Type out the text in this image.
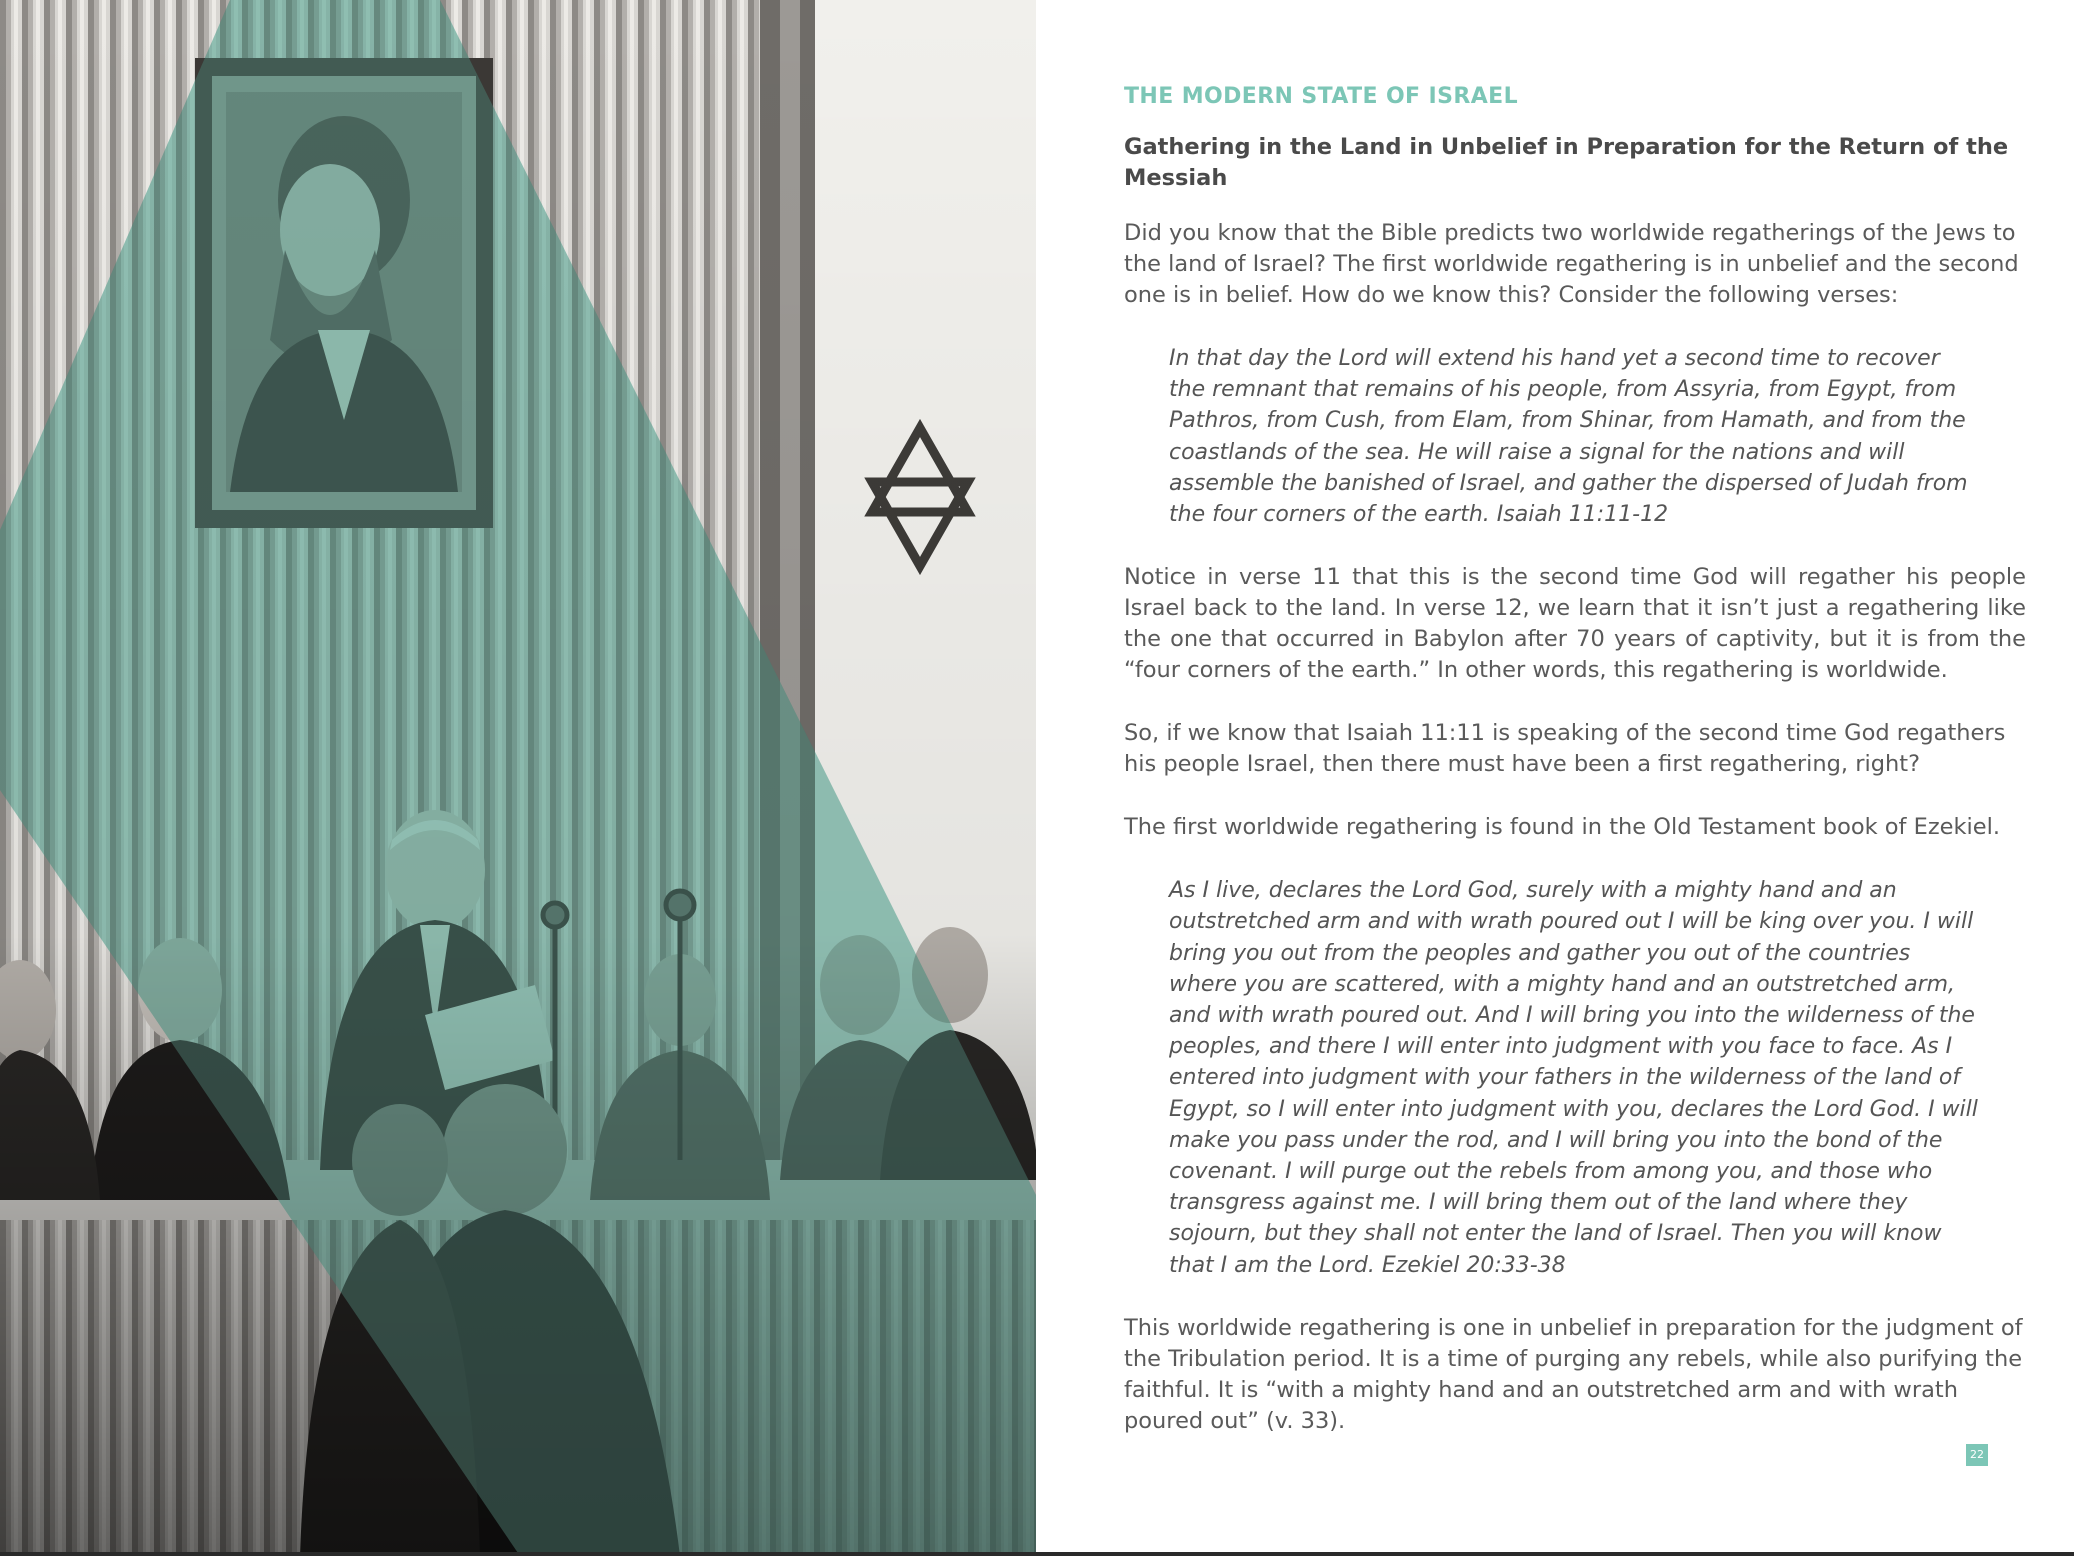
THE MODERN STATE OF ISRAEL
Gathering in the Land in Unbelief in Preparation for the Return of the Messiah
Did you know that the Bible predicts two worldwide regatherings of the Jews to the land of Israel? The first worldwide regathering is in unbelief and the second one is in belief. How do we know this? Consider the following verses:
In that day the Lord will extend his hand yet a second time to recover the remnant that remains of his people, from Assyria, from Egypt, from Pathros, from Cush, from Elam, from Shinar, from Hamath, and from the coastlands of the sea. He will raise a signal for the nations and will assemble the banished of Israel, and gather the dispersed of Judah from the four corners of the earth. Isaiah 11:11-12
Notice in verse 11 that this is the second time God will regather his people Israel back to the land. In verse 12, we learn that it isn’t just a regathering like the one that occurred in Babylon after 70 years of captivity, but it is from the “four corners of the earth.” In other words, this regathering is worldwide.
So, if we know that Isaiah 11:11 is speaking of the second time God regathers his people Israel, then there must have been a first regathering, right?
The first worldwide regathering is found in the Old Testament book of Ezekiel.
As I live, declares the Lord God, surely with a mighty hand and an outstretched arm and with wrath poured out I will be king over you. I will bring you out from the peoples and gather you out of the countries where you are scattered, with a mighty hand and an outstretched arm, and with wrath poured out. And I will bring you into the wilderness of the peoples, and there I will enter into judgment with you face to face. As I entered into judgment with your fathers in the wilderness of the land of Egypt, so I will enter into judgment with you, declares the Lord God. I will make you pass under the rod, and I will bring you into the bond of the covenant. I will purge out the rebels from among you, and those who transgress against me. I will bring them out of the land where they sojourn, but they shall not enter the land of Israel. Then you will know that I am the Lord. Ezekiel 20:33-38
This worldwide regathering is one in unbelief in preparation for the judgment of the Tribulation period. It is a time of purging any rebels, while also purifying the faithful. It is “with a mighty hand and an outstretched arm and with wrath poured out” (v. 33).
22
